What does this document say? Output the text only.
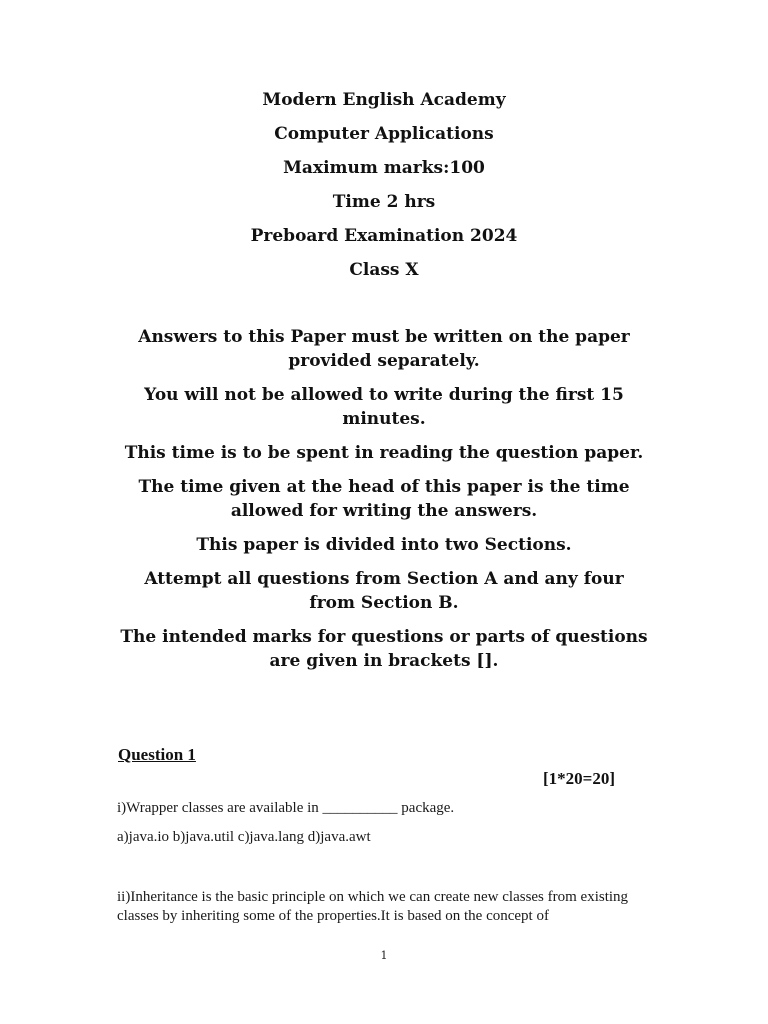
Modern English Academy
Computer Applications
Maximum marks:100
Time 2 hrs
Preboard Examination 2024
Class X

Answers to this Paper must be written on the paper provided separately.

You will not be allowed to write during the first 15 minutes.

This time is to be spent in reading the question paper.

The time given at the head of this paper is the time allowed for writing the answers.

This paper is divided into two Sections.

Attempt all questions from Section A and any four from Section B.

The intended marks for questions or parts of questions are given in brackets [].

Question 1
[1*20=20]
i)Wrapper classes are available in __________ package.
a)java.io b)java.util c)java.lang d)java.awt
ii)Inheritance is the basic principle on which we can create new classes from existing classes by inheriting some of the properties.It is based on the concept of
1
